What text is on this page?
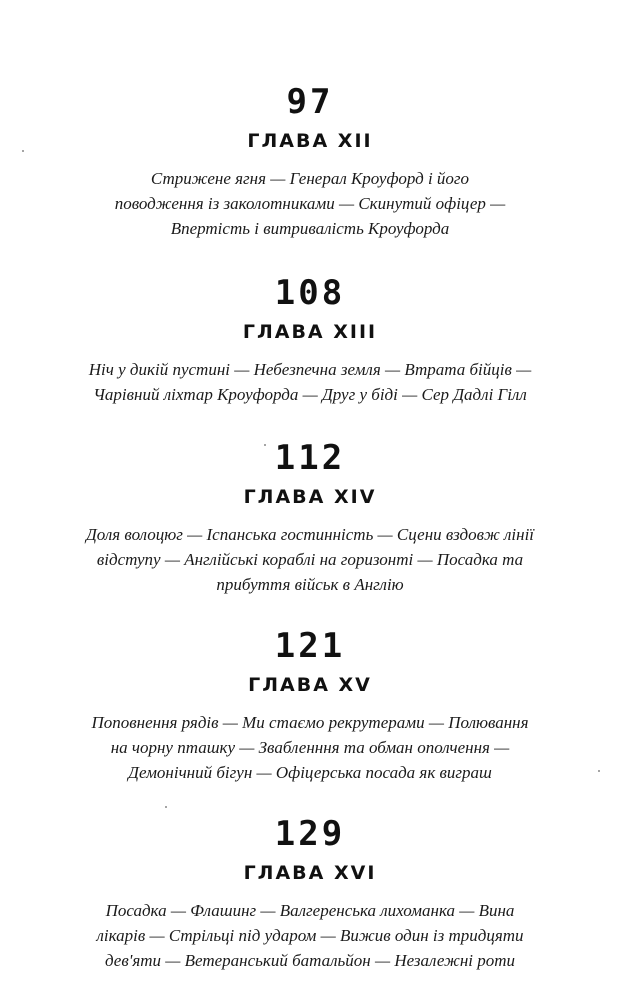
97
ГЛАВА XII
Стрижене ягня — Генерал Кроуфорд і його
поводження із заколотниками — Скинутий офіцер —
Впертість і витривалість Кроуфорда
108
ГЛАВА XIII
Ніч у дикій пустині — Небезпечна земля — Втрата бійців —
Чарівний ліхтар Кроуфорда — Друг у біді — Сер Дадлі Гілл
112
ГЛАВА XIV
Доля волоцюг — Іспанська гостинність — Сцени вздовж лінії
відступу — Англійські кораблі на горизонті — Посадка та
прибуття військ в Англію
121
ГЛАВА XV
Поповнення рядів — Ми стаємо рекрутерами — Полювання
на чорну пташку — Звабленння та обман ополчення —
Демонічний бігун — Офіцерська посада як виграш
129
ГЛАВА XVI
Посадка — Флашинг — Валгеренська лихоманка — Вина
лікарів — Стрільці під ударом — Вижив один із тридцяти
дев'яти — Ветеранський батальйон — Незалежні роти
